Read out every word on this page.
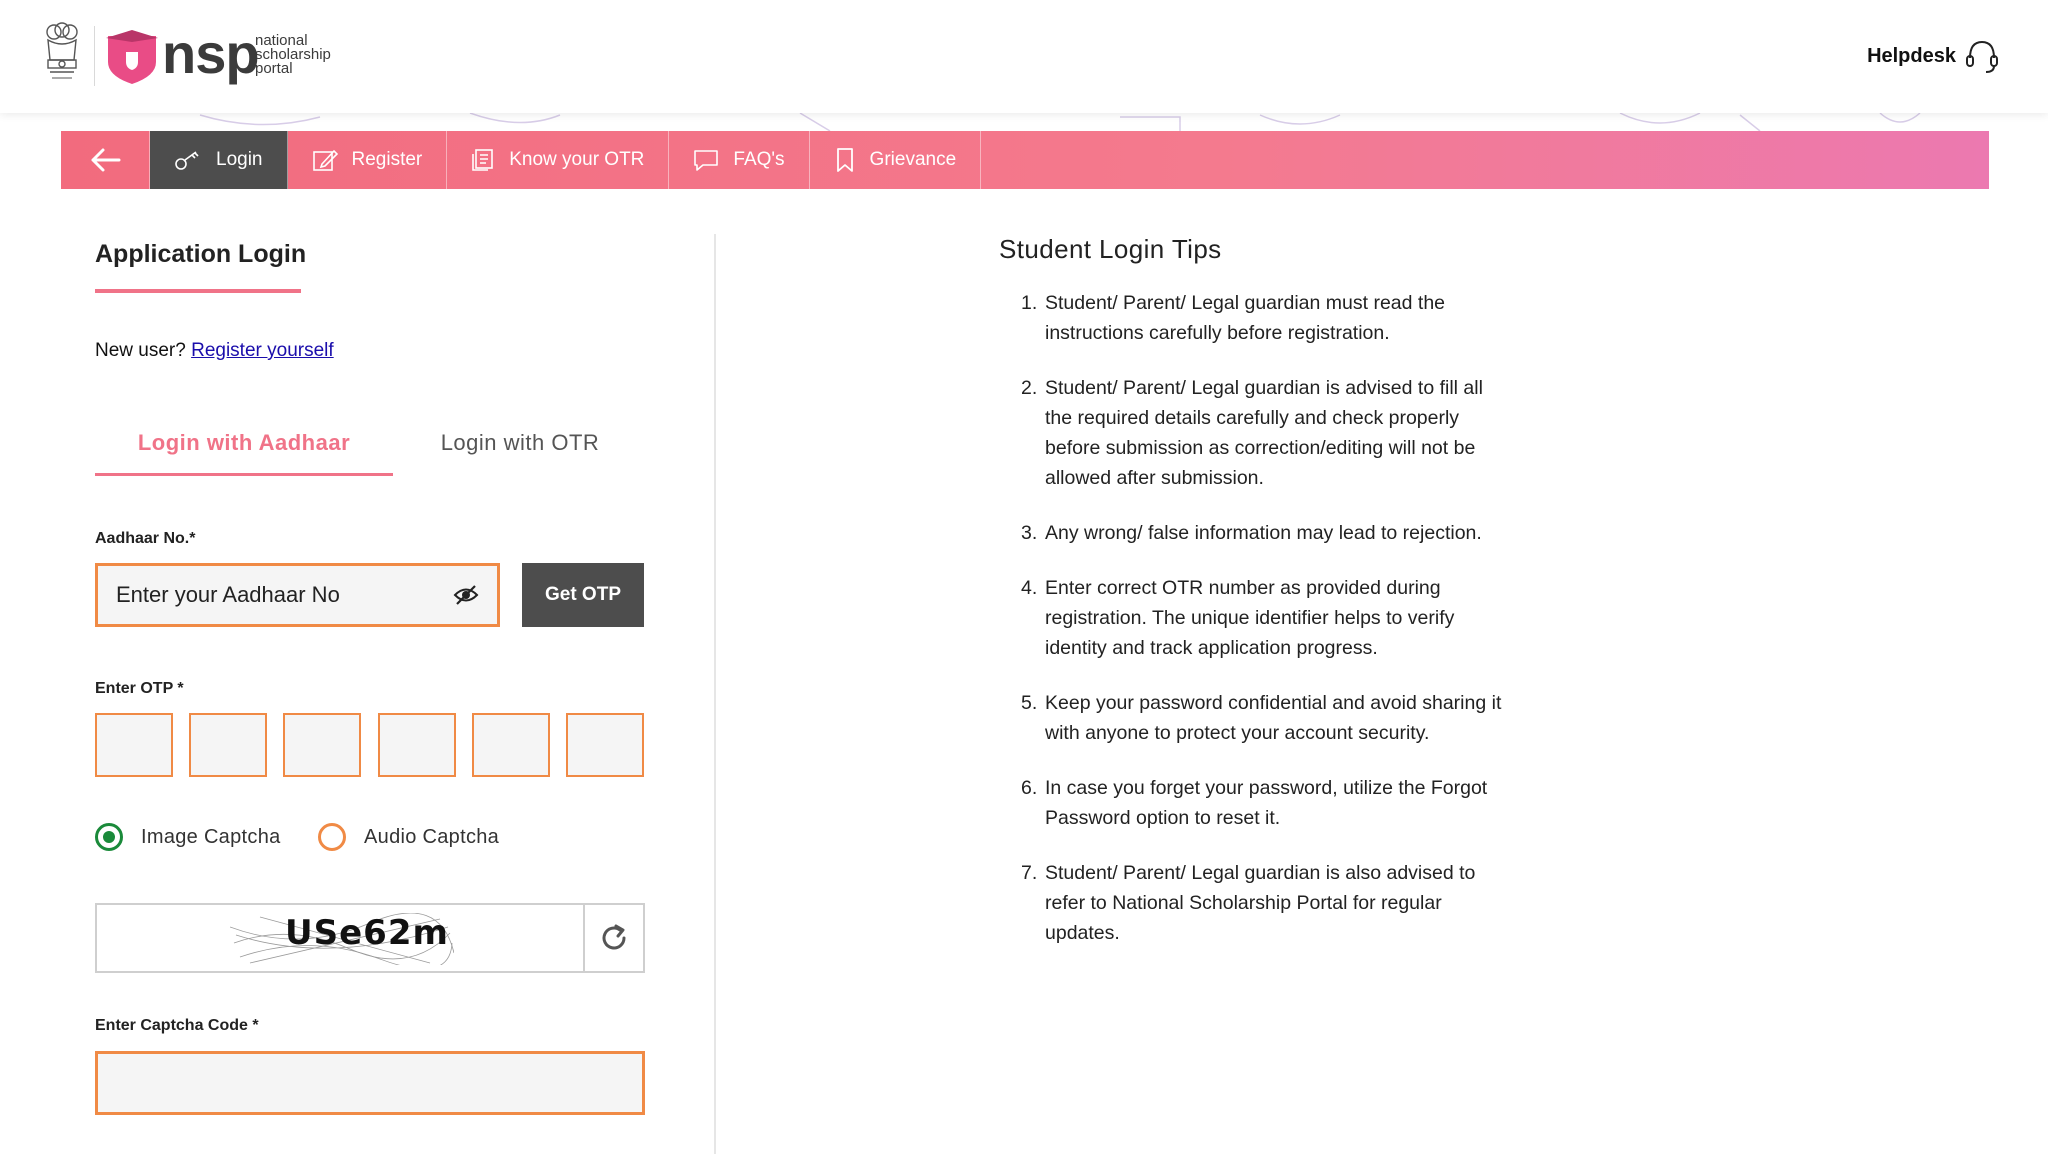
nsp
national
scholarship
portal
Helpdesk
Login	Register	Know your OTR	FAQ's	Grievance
Application Login
New user? Register yourself
Login with Aadhaar	Login with OTR
Aadhaar No.*
Enter your Aadhaar No	Get OTP
Enter OTP *
Image Captcha	Audio Captcha
USe62m
Enter Captcha Code *
Student Login Tips
1. Student/ Parent/ Legal guardian must read the instructions carefully before registration.
2. Student/ Parent/ Legal guardian is advised to fill all the required details carefully and check properly before submission as correction/editing will not be allowed after submission.
3. Any wrong/ false information may lead to rejection.
4. Enter correct OTR number as provided during registration. The unique identifier helps to verify identity and track application progress.
5. Keep your password confidential and avoid sharing it with anyone to protect your account security.
6. In case you forget your password, utilize the Forgot Password option to reset it.
7. Student/ Parent/ Legal guardian is also advised to refer to National Scholarship Portal for regular updates.
